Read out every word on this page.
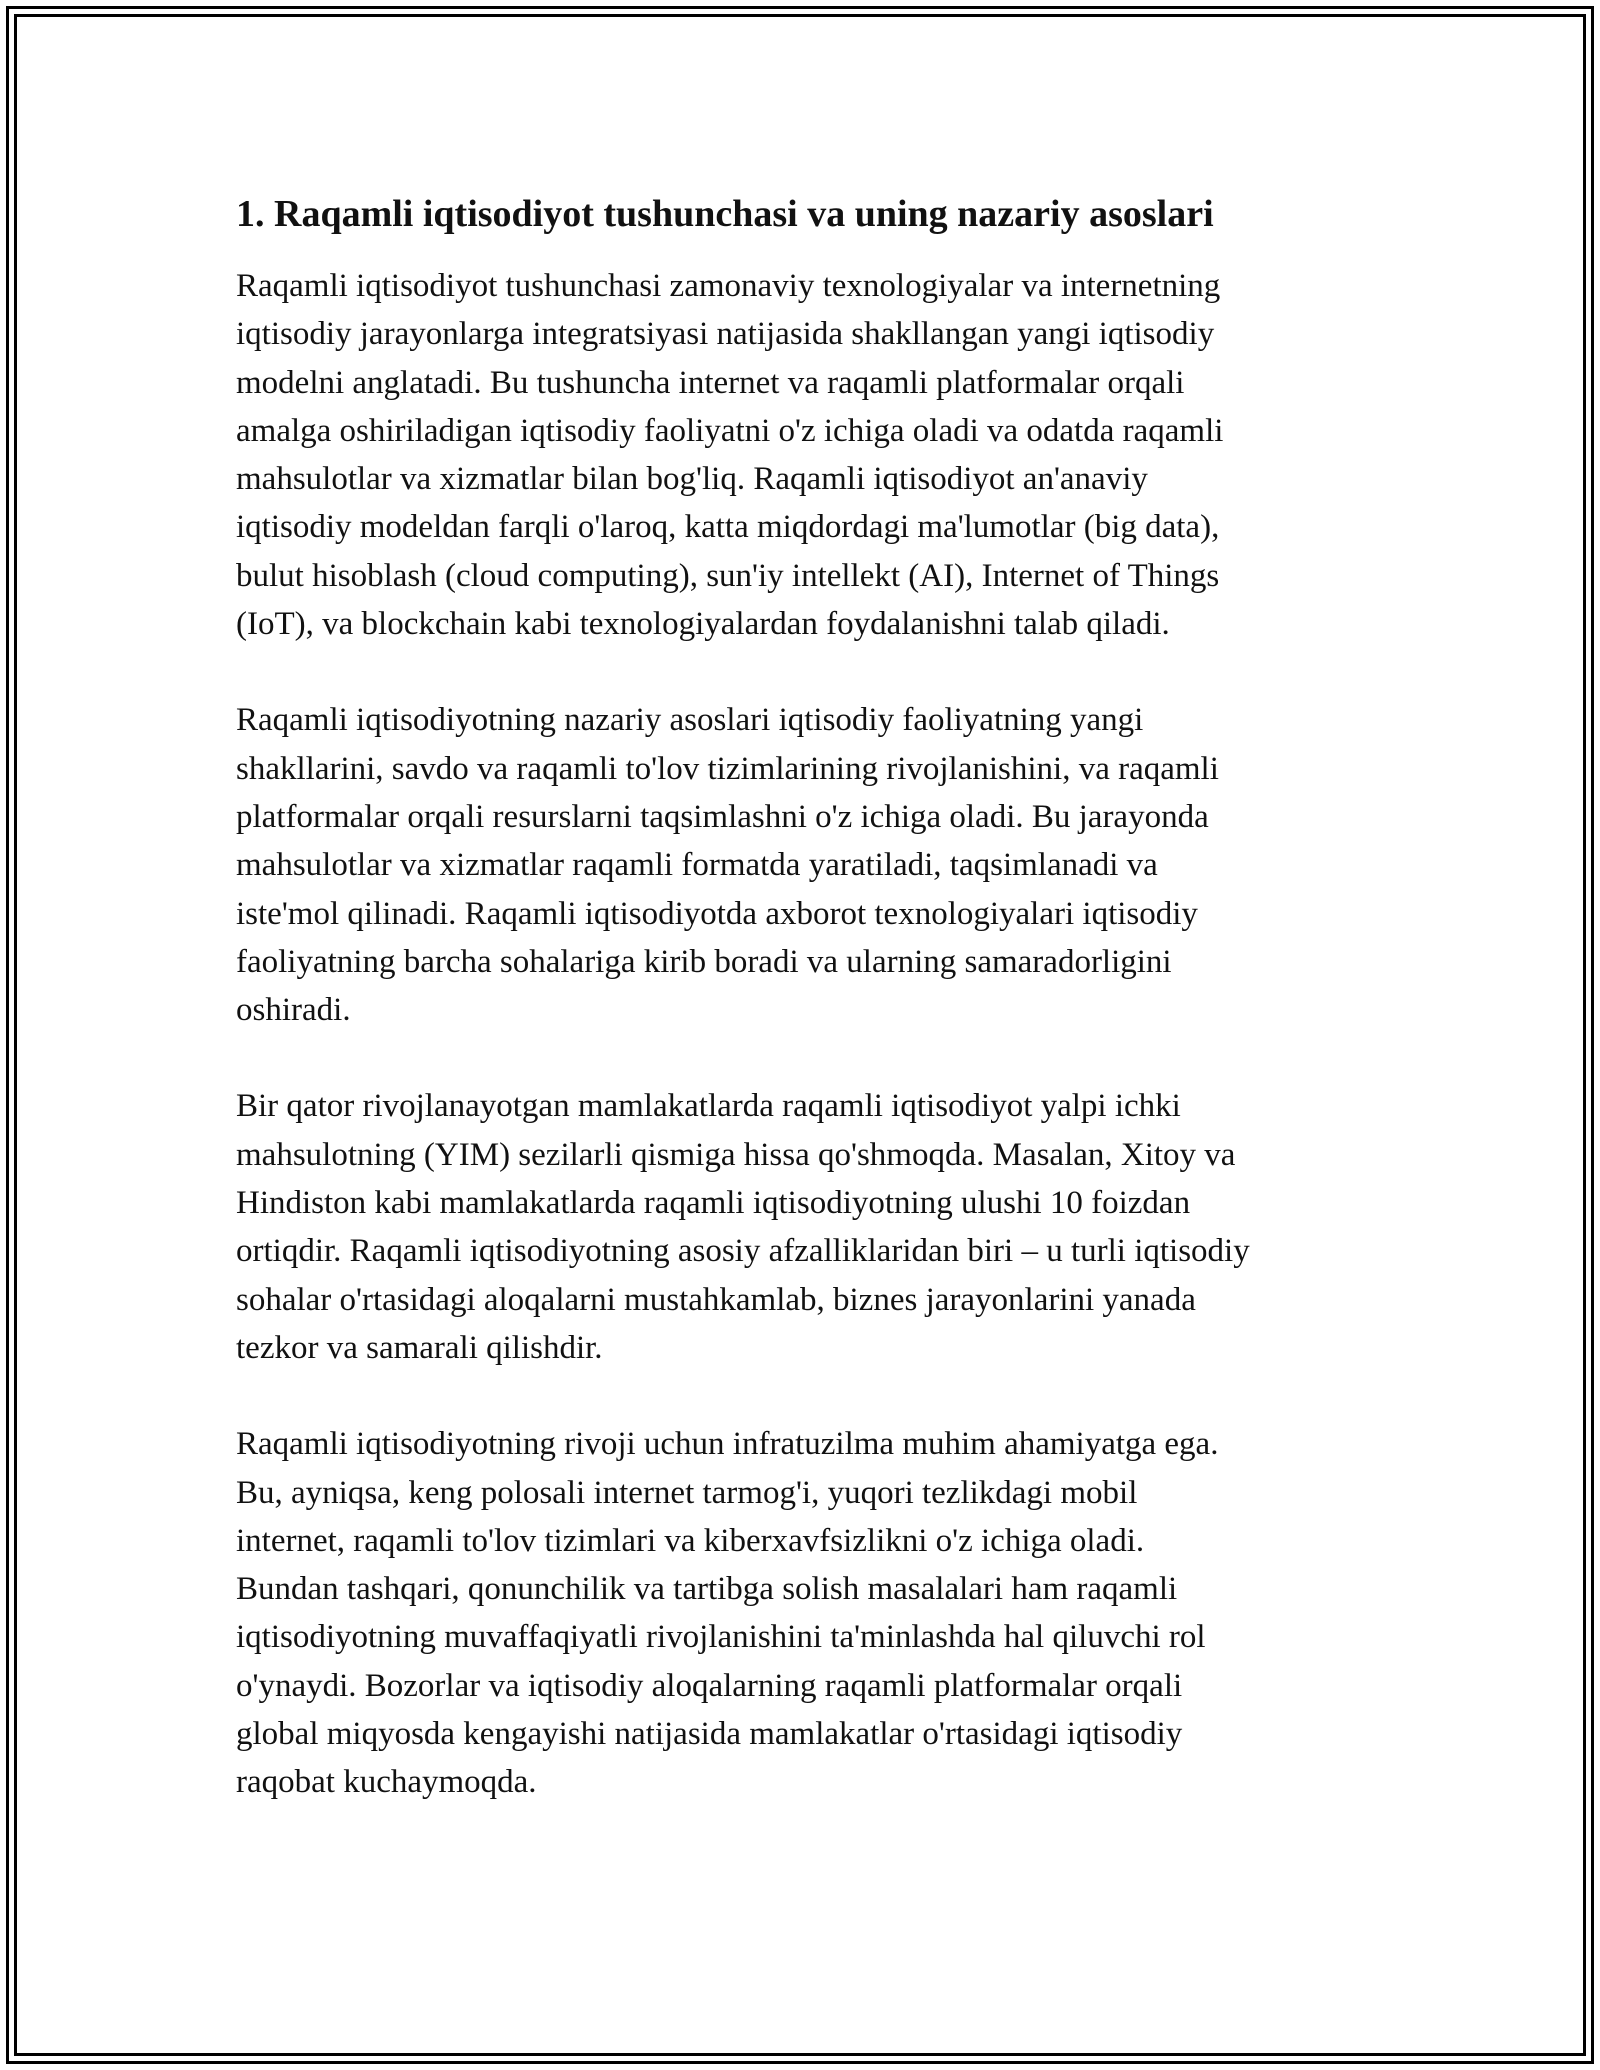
1. Raqamli iqtisodiyot tushunchasi va uning nazariy asoslari

Raqamli iqtisodiyot tushunchasi zamonaviy texnologiyalar va internetning
iqtisodiy jarayonlarga integratsiyasi natijasida shakllangan yangi iqtisodiy
modelni anglatadi. Bu tushuncha internet va raqamli platformalar orqali
amalga oshiriladigan iqtisodiy faoliyatni o'z ichiga oladi va odatda raqamli
mahsulotlar va xizmatlar bilan bog'liq. Raqamli iqtisodiyot an'anaviy
iqtisodiy modeldan farqli o'laroq, katta miqdordagi ma'lumotlar (big data),
bulut hisoblash (cloud computing), sun'iy intellekt (AI), Internet of Things
(IoT), va blockchain kabi texnologiyalardan foydalanishni talab qiladi.

Raqamli iqtisodiyotning nazariy asoslari iqtisodiy faoliyatning yangi
shakllarini, savdo va raqamli to'lov tizimlarining rivojlanishini, va raqamli
platformalar orqali resurslarni taqsimlashni o'z ichiga oladi. Bu jarayonda
mahsulotlar va xizmatlar raqamli formatda yaratiladi, taqsimlanadi va
iste'mol qilinadi. Raqamli iqtisodiyotda axborot texnologiyalari iqtisodiy
faoliyatning barcha sohalariga kirib boradi va ularning samaradorligini
oshiradi.

Bir qator rivojlanayotgan mamlakatlarda raqamli iqtisodiyot yalpi ichki
mahsulotning (YIM) sezilarli qismiga hissa qo'shmoqda. Masalan, Xitoy va
Hindiston kabi mamlakatlarda raqamli iqtisodiyotning ulushi 10 foizdan
ortiqdir. Raqamli iqtisodiyotning asosiy afzalliklaridan biri – u turli iqtisodiy
sohalar o'rtasidagi aloqalarni mustahkamlab, biznes jarayonlarini yanada
tezkor va samarali qilishdir.

Raqamli iqtisodiyotning rivoji uchun infratuzilma muhim ahamiyatga ega.
Bu, ayniqsa, keng polosali internet tarmog'i, yuqori tezlikdagi mobil
internet, raqamli to'lov tizimlari va kiberxavfsizlikni o'z ichiga oladi.
Bundan tashqari, qonunchilik va tartibga solish masalalari ham raqamli
iqtisodiyotning muvaffaqiyatli rivojlanishini ta'minlashda hal qiluvchi rol
o'ynaydi. Bozorlar va iqtisodiy aloqalarning raqamli platformalar orqali
global miqyosda kengayishi natijasida mamlakatlar o'rtasidagi iqtisodiy
raqobat kuchaymoqda.
